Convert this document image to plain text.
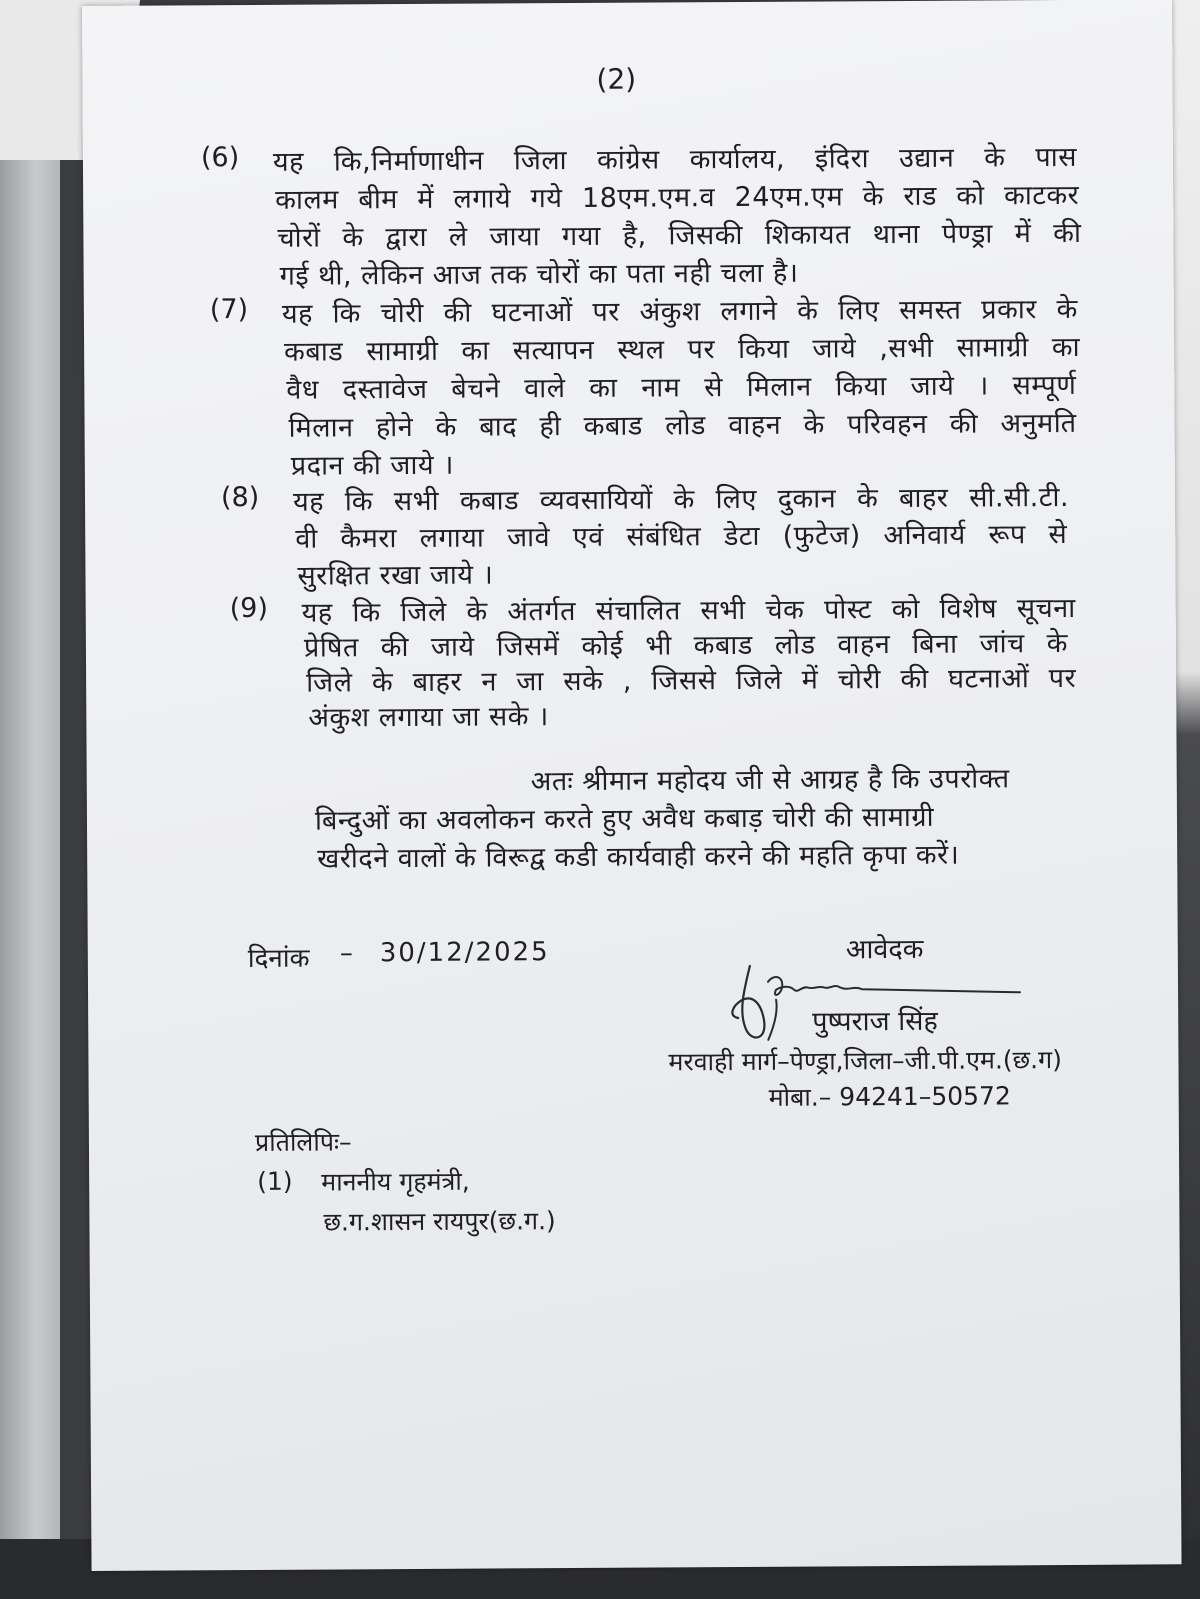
(2)
(6) यह कि,निर्माणाधीन जिला कांग्रेस कार्यालय, इंदिरा उद्यान के पास
कालम बीम में लगाये गये 18एम.एम.व 24एम.एम के राड को काटकर
चोरों के द्वारा ले जाया गया है, जिसकी शिकायत थाना पेण्ड्रा में की
गई थी, लेकिन आज तक चोरों का पता नही चला है।
(7) यह कि चोरी की घटनाओं पर अंकुश लगाने के लिए समस्त प्रकार के
कबाड सामाग्री का सत्यापन स्थल पर किया जाये ,सभी सामाग्री का
वैध दस्तावेज बेचने वाले का नाम से मिलान किया जाये । सम्पूर्ण
मिलान होने के बाद ही कबाड लोड वाहन के परिवहन की अनुमति
प्रदान की जाये ।
(8) यह कि सभी कबाड व्यवसायियों के लिए दुकान के बाहर सी.सी.टी.
वी कैमरा लगाया जावे एवं संबंधित डेटा (फुटेज) अनिवार्य रूप से
सुरक्षित रखा जाये ।
(9) यह कि जिले के अंतर्गत संचालित सभी चेक पोस्ट को विशेष सूचना
प्रेषित की जाये जिसमें कोई भी कबाड लोड वाहन बिना जांच के
जिले के बाहर न जा सके , जिससे जिले में चोरी की घटनाओं पर
अंकुश लगाया जा सके ।
अतः श्रीमान महोदय जी से आग्रह है कि उपरोक्त
बिन्दुओं का अवलोकन करते हुए अवैध कबाड़ चोरी की सामाग्री
खरीदने वालों के विरूद्व कडी कार्यवाही करने की महति कृपा करें।
दिनांक – 30/12/2025	आवेदक
पुष्पराज सिंह
मरवाही मार्ग–पेण्ड्रा,जिला–जी.पी.एम.(छ.ग)
मोबा.– 94241–50572
प्रतिलिपिः–
(1) माननीय गृहमंत्री,
छ.ग.शासन रायपुर(छ.ग.)
